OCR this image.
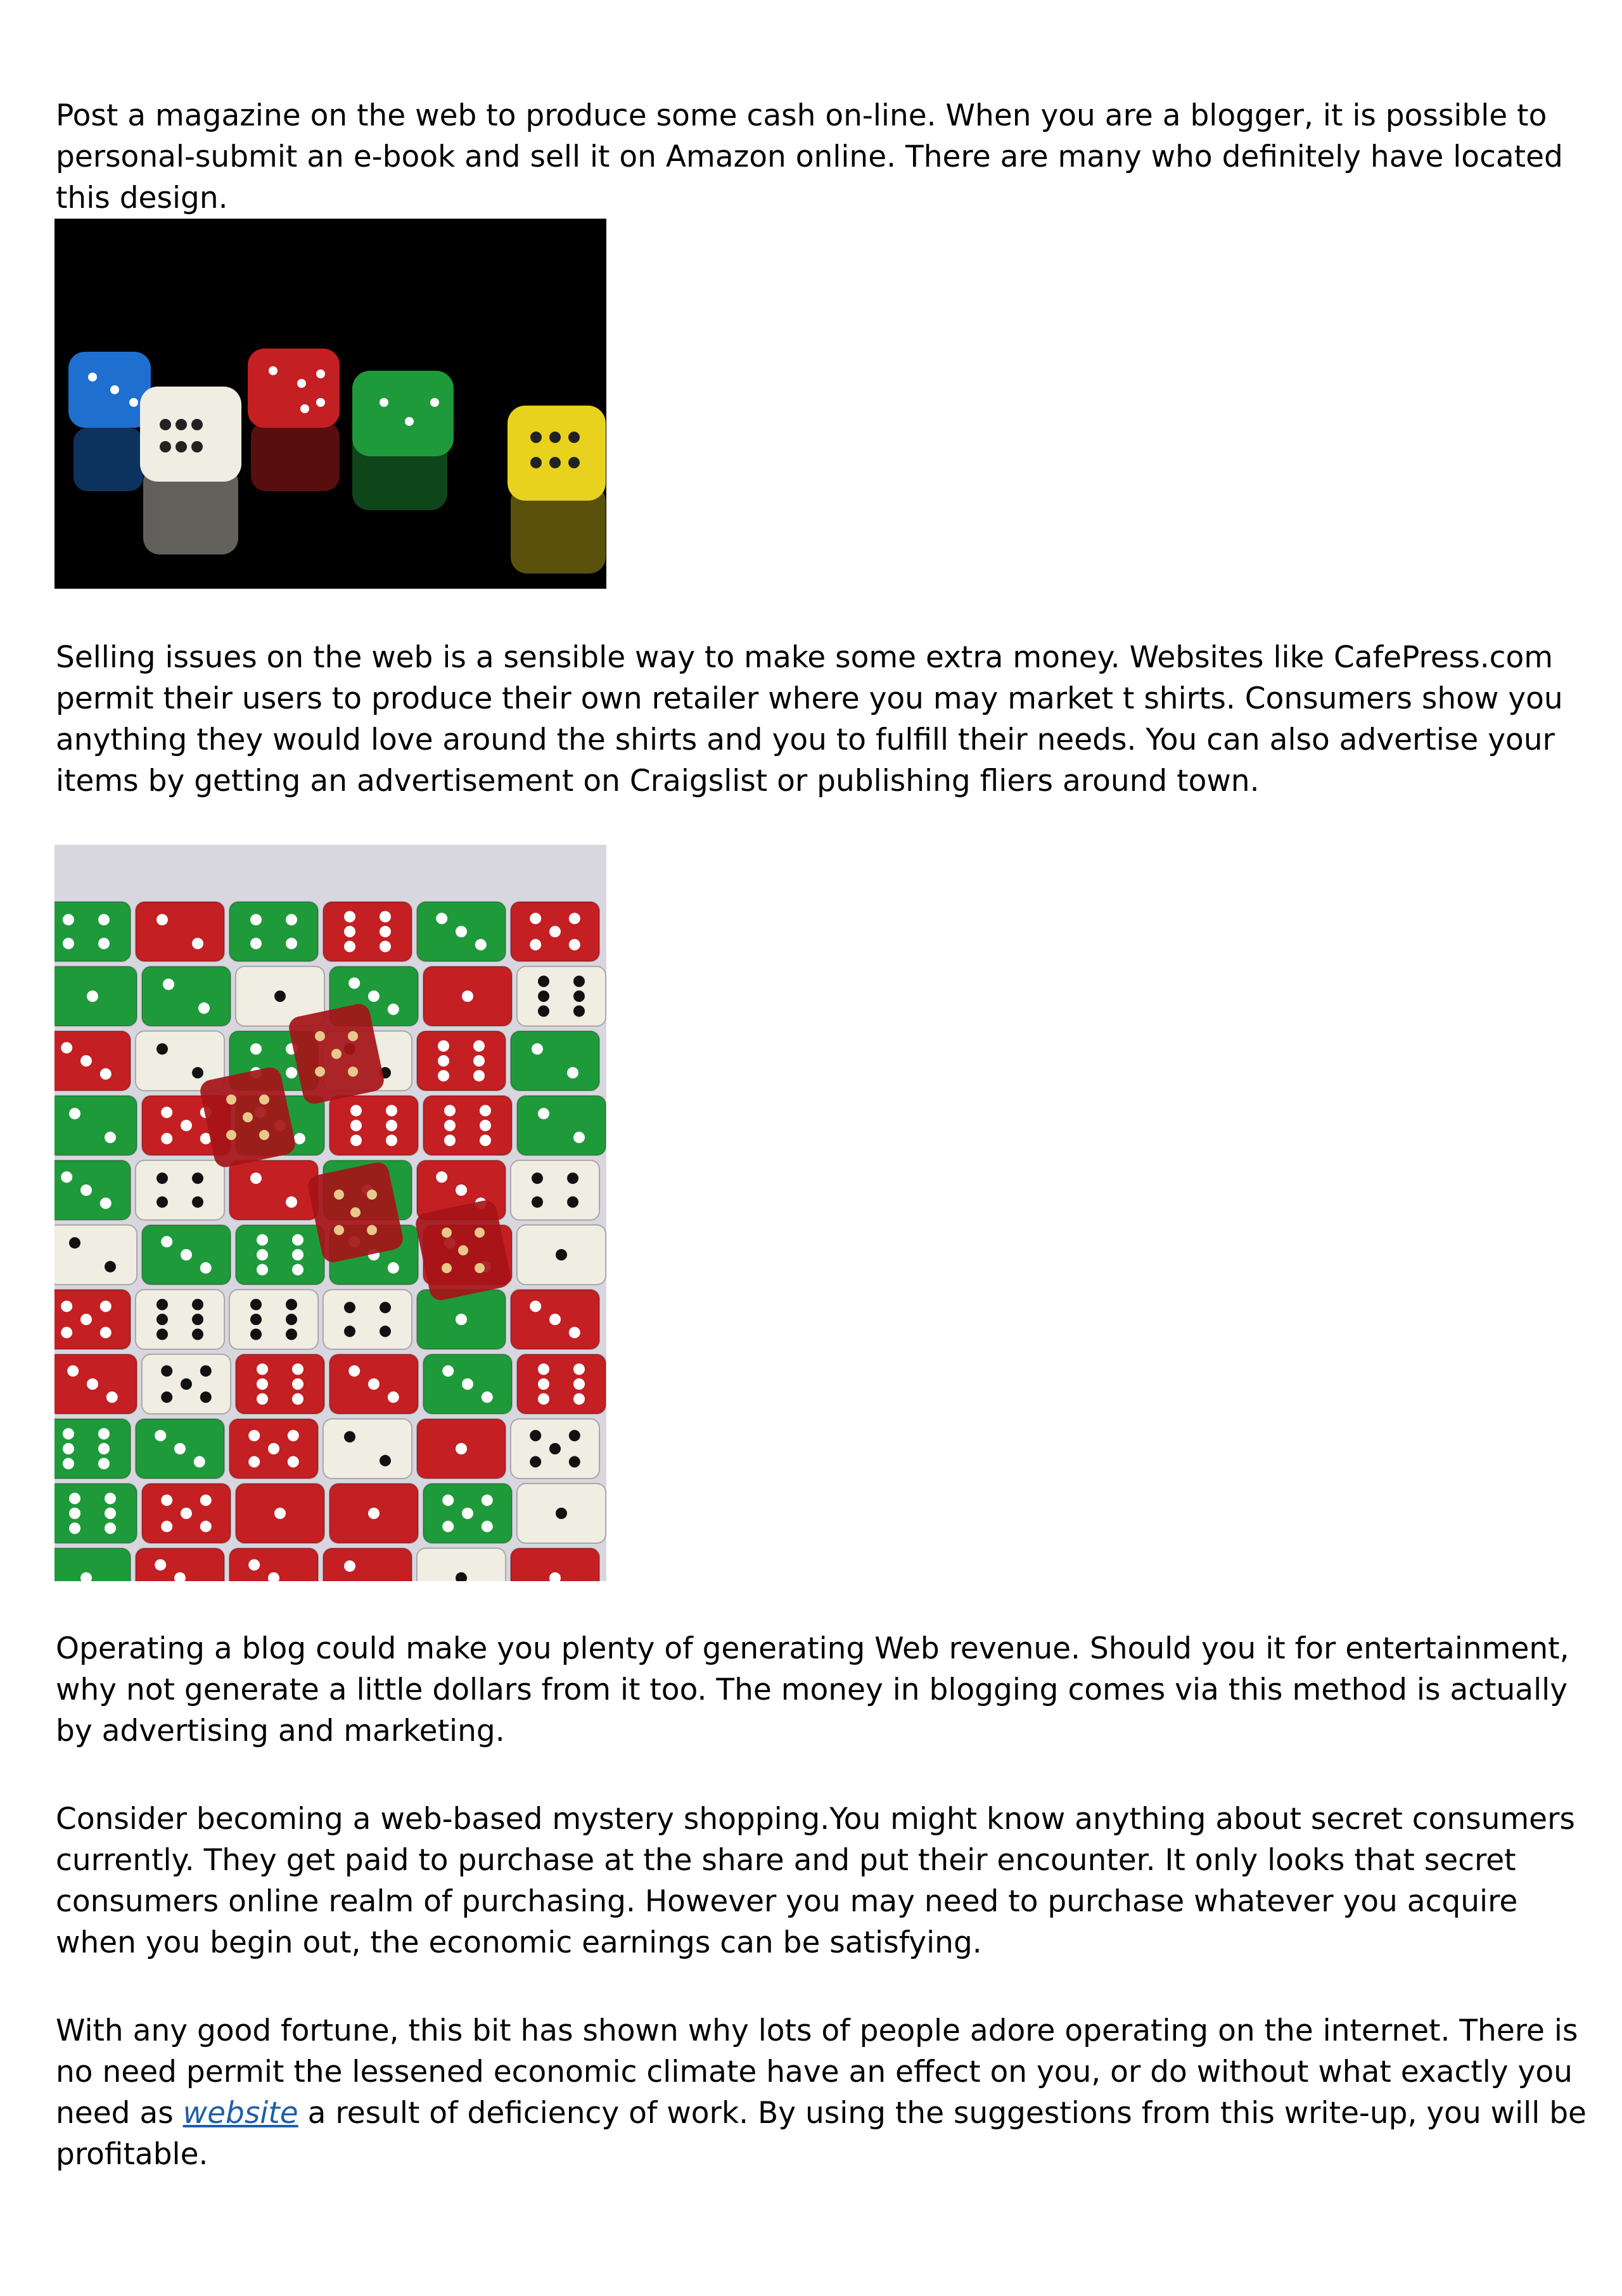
Post a magazine on the web to produce some cash on-line. When you are a blogger, it is possible to personal-submit an e-book and sell it on Amazon online. There are many who definitely have located this design.

Selling issues on the web is a sensible way to make some extra money. Websites like CafePress.com permit their users to produce their own retailer where you may market t shirts. Consumers show you anything they would love around the shirts and you to fulfill their needs. You can also advertise your items by getting an advertisement on Craigslist or publishing fliers around town.

Operating a blog could make you plenty of generating Web revenue. Should you it for entertainment, why not generate a little dollars from it too. The money in blogging comes via this method is actually by advertising and marketing.

Consider becoming a web-based mystery shopping.You might know anything about secret consumers currently. They get paid to purchase at the share and put their encounter. It only looks that secret consumers online realm of purchasing. However you may need to purchase whatever you acquire when you begin out, the economic earnings can be satisfying.

With any good fortune, this bit has shown why lots of people adore operating on the internet. There is no need permit the lessened economic climate have an effect on you, or do without what exactly you need as website a result of deficiency of work. By using the suggestions from this write-up, you will be profitable.
